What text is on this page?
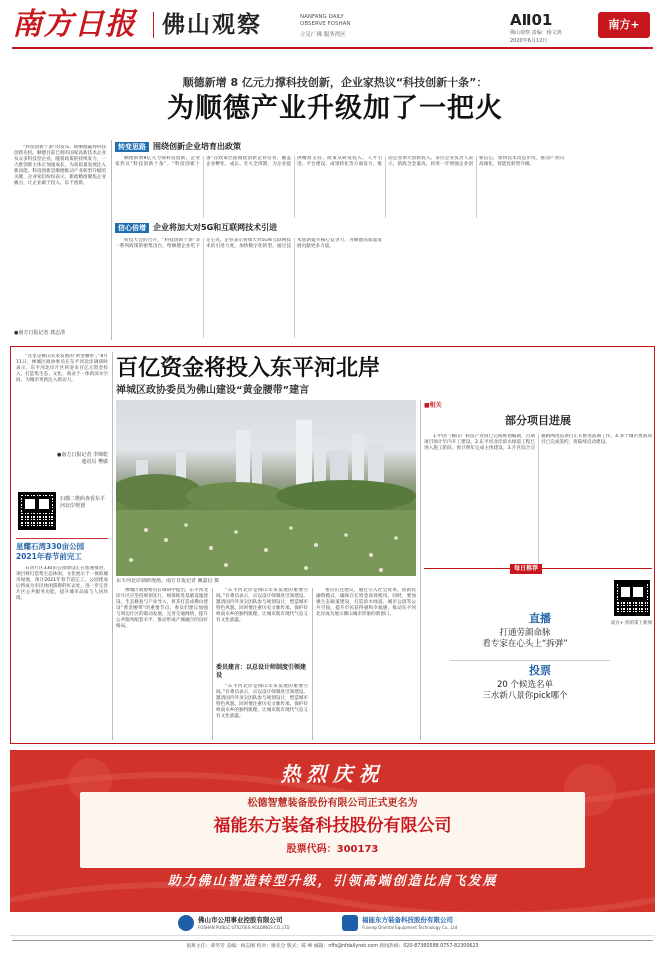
南方日报	佛山观察	NANFANG DAILY
OBSERVE FOSHAN
立足广佛 服务湾区
AⅡ01
佛山观察 责编：杨文鸿
2020年6月12日
南方+
顺德新增 8 亿元力撑科技创新，企业家热议“科技创新十条”：
为顺德产业升级加了一把火

“科技创新十条”的发布，助顺德赢得科技创新先机。顺德目前已拥有国家高新技术企业及众多科技型企业，随着政策的持续发力，一大批创新主体正加速成长，为高质量发展注入新动能。科技创新是顺德推动产业转型升级的关键，企业家们纷纷表示，新政精准聚焦企业痛点，让企业敢于投入、乐于创新。

●南方日报记者 龚志清
转变思路 围绕创新企业培育出政策

顺德新增8亿元力撑科技创新，企业家热议“科技创新十条”。“科技创新十条”在政策层面围绕创新企业培育，覆盖企业孵化、成长、壮大全周期，为企业提供精准支持。政策从研发投入、人才引进、平台建设、成果转化等方面发力，推动企业加大创新投入。多位企业负责人表示，新政含金量高，将进一步增强企业创新信心，加快技术改造步伐，推动产业向高端化、智能化转型升级。

信心倍增 企业将加大对5G和互联网技术引进

科技大会的召开，“科技创新十条”等一系列政策的密集出台，给顺德企业吃下定心丸。企业表示将加大对5G和互联网技术的引进力度，加快数字化转型，通过技术创新提升核心竞争力，为顺德高质量发展贡献更多力量。

百亿资金将投入东平河北岸
禅城区政协委员为佛山建设“黄金腰带”建言

“这里是佛山未来发展的‘黄金腰带’。”8月11日，禅城区政协委员在东平河北岸调研时表示，东平河北岸片区将迎来百亿元资金投入，打造集生态、文化、商业于一体的滨水空间，为城市更新注入新动力。

●南方日报记者 李锦乾
通讯员 樊敏
扫描二维码查看东平河北岸规划
星耀石湾330亩公园
2021年春节前完工

石湾片区330亩公园建设正在加速推进，项目将打造集生态休闲、文化展示于一体的城市绿地，预计2021年春节前完工。公园建成后将成为市民休闲游憩的好去处，进一步完善片区公共服务功能，提升城市品质与人居环境。

东平河北岸调研现场。南方日报记者 戴嘉信 摄

禅城区政协委员在调研中提出，东平河北岸片区应坚持规划先行，统筹推进基础设施建设、生态修复与产业导入，将其打造成佛山建设“黄金腰带”的重要节点。委员们建议加强与周边片区的联动发展，完善交通网络，提升公共服务配套水平，推动形成产城融合的良好格局。

“东平河北岸是佛山未来发展的重要空间。”有委员表示，应以设计师制度引领建设，邀请国内外顶尖团队参与规划设计，塑造城市特色风貌。同时要注重历史文脉传承，保护好岭南水乡的独特肌理，让城市既有现代气息又有文化底蕴。

委员建言：以总设计师制度引领建设

“东平河北岸是佛山未来发展的重要空间。”有委员表示，应以设计师制度引领建设，邀请国内外顶尖团队参与规划设计，塑造城市特色风貌。同时要注重历史文脉传承，保护好岭南水乡的独特肌理，让城市既有现代气息又有文化底蕴。

委员们还建议，通过引入社会资本、创新投融资模式，确保百亿资金高效使用。同时，要加强生态廊道建设，打造滨水绿道、城市公园等公共空间，提升市民获得感和幸福感，推动东平河北岸成为展示佛山城市形象的新窗口。

■相关
部分项目进展

1.中国（佛山）科技产业园已完成规划编制，首期项目预计年内开工建设。2.东平河北岸滨水绿道工程已进入施工阶段，预计明年完成主体建设。3.片区综合交通路网改造项目正在推进前期工作。4.多个城市更新项目已完成签约，将陆续启动建设。

每日推荐
南方+ 你的掌上新闻
直播
打通劳颜命脉
看专家在心头上“拆弹”
投票
20 个候选名单
三水新八景你pick哪个
热烈庆祝
松德智慧装备股份有限公司正式更名为
福能东方装备科技股份有限公司
股票代码：300173
助力佛山智造转型升级，引领高端创造比肩飞发展
佛山市公用事业控股有限公司
FOSHAN PUBLIC UTILITIES HOLDINGS CO.,LTD
福能东方装备科技股份有限公司
Funeng Oriental Equipment Technology Co., Ltd
值班主任：谭华芳 美编：杨志刚 校对：谢先全 版式：陈 峥 邮箱：nffs@nfdailynet.com 新闻热线：020-87360588 0757-82300623
